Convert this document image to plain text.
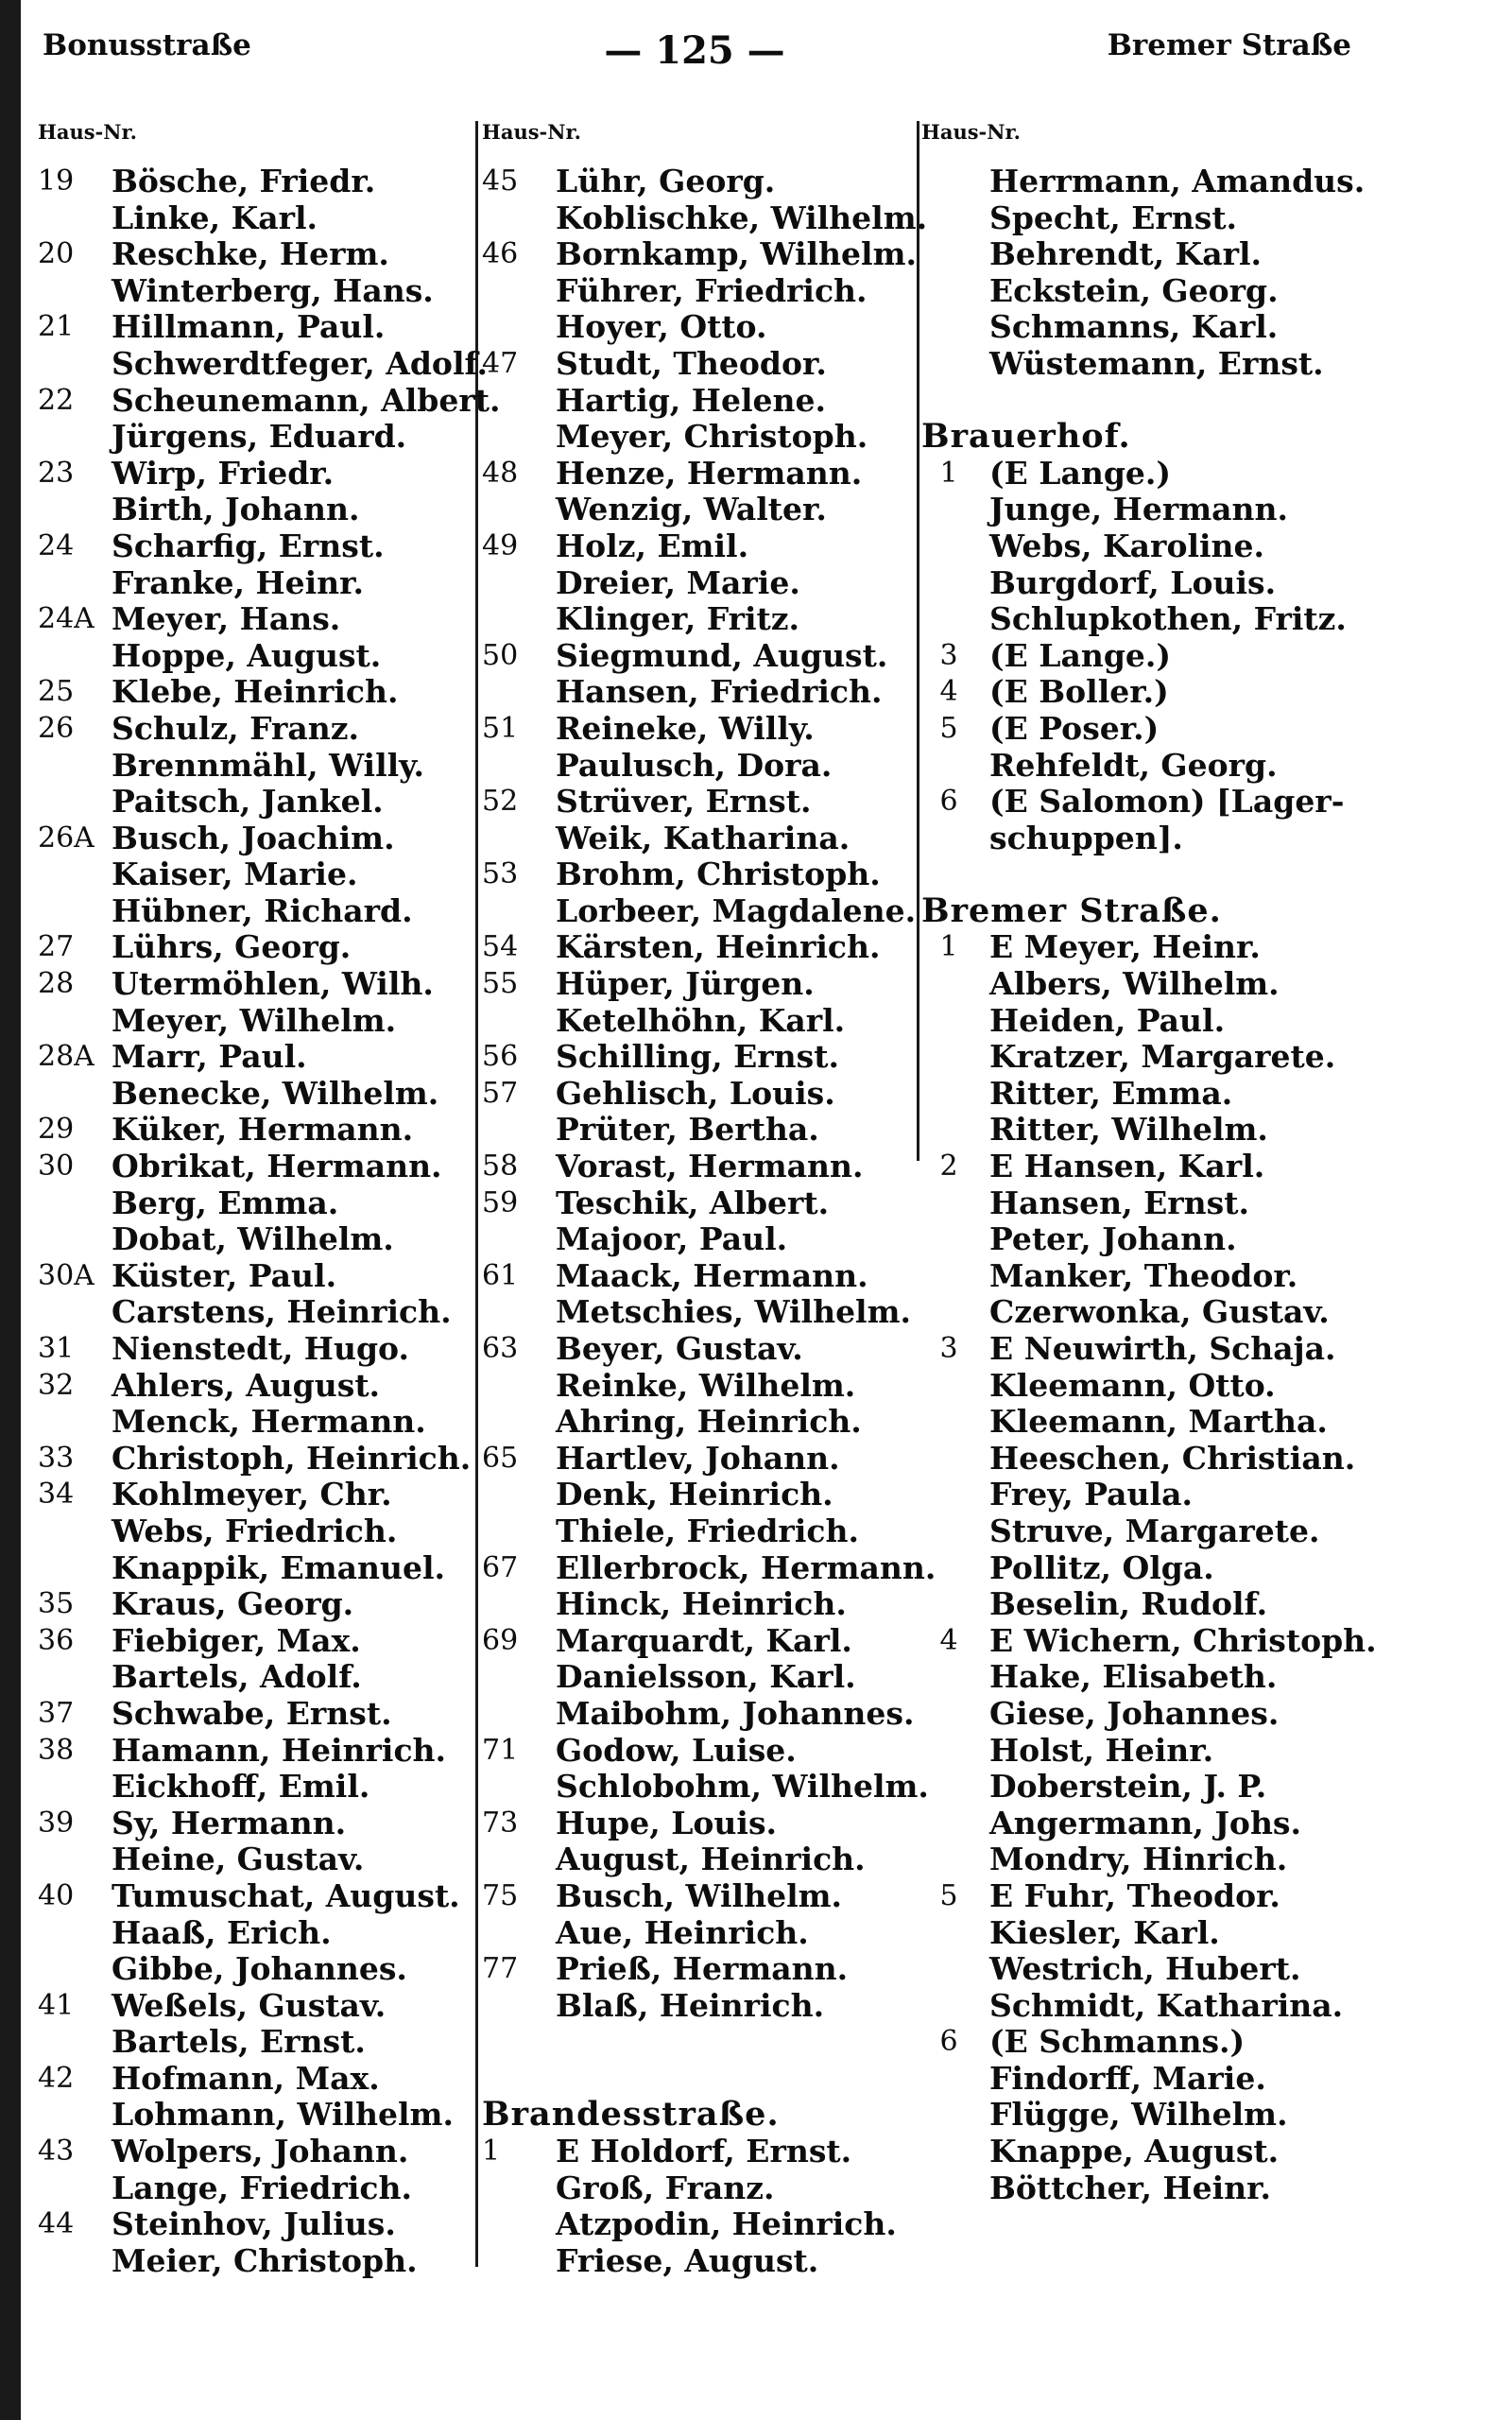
Bonusstraße	— 125 —	Bremer Straße
Haus-Nr.
19	Bösche, Friedr.
Linke, Karl.
20	Reschke, Herm.
Winterberg, Hans.
21	Hillmann, Paul.
Schwerdtfeger, Adolf.
22	Scheunemann, Albert.
Jürgens, Eduard.
23	Wirp, Friedr.
Birth, Johann.
24	Scharfig, Ernst.
Franke, Heinr.
24A Meyer, Hans.
Hoppe, August.
25	Klebe, Heinrich.
26	Schulz, Franz.
Brennmähl, Willy.
Paitsch, Jankel.
26A Busch, Joachim.
Kaiser, Marie.
Hübner, Richard.
27	Lührs, Georg.
28	Utermöhlen, Wilh.
Meyer, Wilhelm.
28A Marr, Paul.
Benecke, Wilhelm.
29	Küker, Hermann.
30	Obrikat, Hermann.
Berg, Emma.
Dobat, Wilhelm.
30A Küster, Paul.
Carstens, Heinrich.
31	Nienstedt, Hugo.
32	Ahlers, August.
Menck, Hermann.
33	Christoph, Heinrich.
34	Kohlmeyer, Chr.
Webs, Friedrich.
Knappik, Emanuel.
35	Kraus, Georg.
36	Fiebiger, Max.
Bartels, Adolf.
37	Schwabe, Ernst.
38	Hamann, Heinrich.
Eickhoff, Emil.
39	Sy, Hermann.
Heine, Gustav.
40	Tumuschat, August.
Haaß, Erich.
Gibbe, Johannes.
41	Weßels, Gustav.
Bartels, Ernst.
42	Hofmann, Max.
Lohmann, Wilhelm.
43	Wolpers, Johann.
Lange, Friedrich.
44	Steinhov, Julius.
Meier, Christoph.
Haus-Nr.
45	Lühr, Georg.
Koblischke, Wilhelm.
46	Bornkamp, Wilhelm.
Führer, Friedrich.
Hoyer, Otto.
47	Studt, Theodor.
Hartig, Helene.
Meyer, Christoph.
48	Henze, Hermann.
Wenzig, Walter.
49	Holz, Emil.
Dreier, Marie.
Klinger, Fritz.
50	Siegmund, August.
Hansen, Friedrich.
51	Reineke, Willy.
Paulusch, Dora.
52	Strüver, Ernst.
Weik, Katharina.
53	Brohm, Christoph.
Lorbeer, Magdalene.
54	Kärsten, Heinrich.
55	Hüper, Jürgen.
Ketelhöhn, Karl.
56	Schilling, Ernst.
57	Gehlisch, Louis.
Prüter, Bertha.
58	Vorast, Hermann.
59	Teschik, Albert.
Majoor, Paul.
61	Maack, Hermann.
Metschies, Wilhelm.
63	Beyer, Gustav.
Reinke, Wilhelm.
Ahring, Heinrich.
65	Hartlev, Johann.
Denk, Heinrich.
Thiele, Friedrich.
67	Ellerbrock, Hermann.
Hinck, Heinrich.
69	Marquardt, Karl.
Danielsson, Karl.
Maibohm, Johannes.
71	Godow, Luise.
Schlobohm, Wilhelm.
73	Hupe, Louis.
August, Heinrich.
75	Busch, Wilhelm.
Aue, Heinrich.
77	Prieß, Hermann.
Blaß, Heinrich.
Brandesstraße.
1	E Holdorf, Ernst.
Groß, Franz.
Atzpodin, Heinrich.
Friese, August.
Haus-Nr.
Herrmann, Amandus.
Specht, Ernst.
Behrendt, Karl.
Eckstein, Georg.
Schmanns, Karl.
Wüstemann, Ernst.
Brauerhof.
1	(E Lange.)
Junge, Hermann.
Webs, Karoline.
Burgdorf, Louis.
Schlupkothen, Fritz.
3	(E Lange.)
4	(E Boller.)
5	(E Poser.)
Rehfeldt, Georg.
6	(E Salomon) [Lager-
schuppen].
Bremer Straße.
1	E Meyer, Heinr.
Albers, Wilhelm.
Heiden, Paul.
Kratzer, Margarete.
Ritter, Emma.
Ritter, Wilhelm.
2	E Hansen, Karl.
Hansen, Ernst.
Peter, Johann.
Manker, Theodor.
Czerwonka, Gustav.
3	E Neuwirth, Schaja.
Kleemann, Otto.
Kleemann, Martha.
Heeschen, Christian.
Frey, Paula.
Struve, Margarete.
Pollitz, Olga.
Beselin, Rudolf.
4	E Wichern, Christoph.
Hake, Elisabeth.
Giese, Johannes.
Holst, Heinr.
Doberstein, J. P.
Angermann, Johs.
Mondry, Hinrich.
5	E Fuhr, Theodor.
Kiesler, Karl.
Westrich, Hubert.
Schmidt, Katharina.
6	(E Schmanns.)
Findorff, Marie.
Flügge, Wilhelm.
Knappe, August.
Böttcher, Heinr.
